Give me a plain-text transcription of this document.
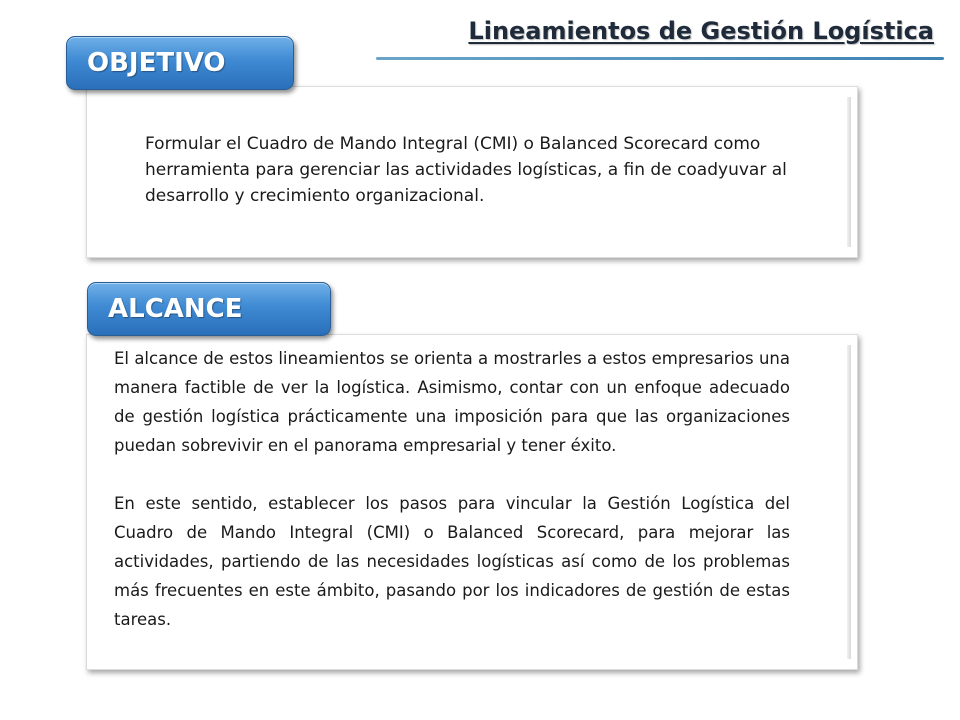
Lineamientos de Gestión Logística
OBJETIVO
Formular el Cuadro de Mando Integral (CMI) o Balanced Scorecard como herramienta para gerenciar las actividades logísticas, a fin de coadyuvar al desarrollo y crecimiento organizacional.
ALCANCE

El alcance de estos lineamientos se orienta a mostrarles a estos empresarios una manera factible de ver la logística. Asimismo, contar con un enfoque adecuado de gestión logística prácticamente una imposición para que las organizaciones puedan sobrevivir en el panorama empresarial y tener éxito.

En este sentido, establecer los pasos para vincular la Gestión Logística del Cuadro de Mando Integral (CMI) o Balanced Scorecard, para mejorar las actividades, partiendo de las necesidades logísticas así como de los problemas más frecuentes en este ámbito, pasando por los indicadores de gestión de estas tareas.
